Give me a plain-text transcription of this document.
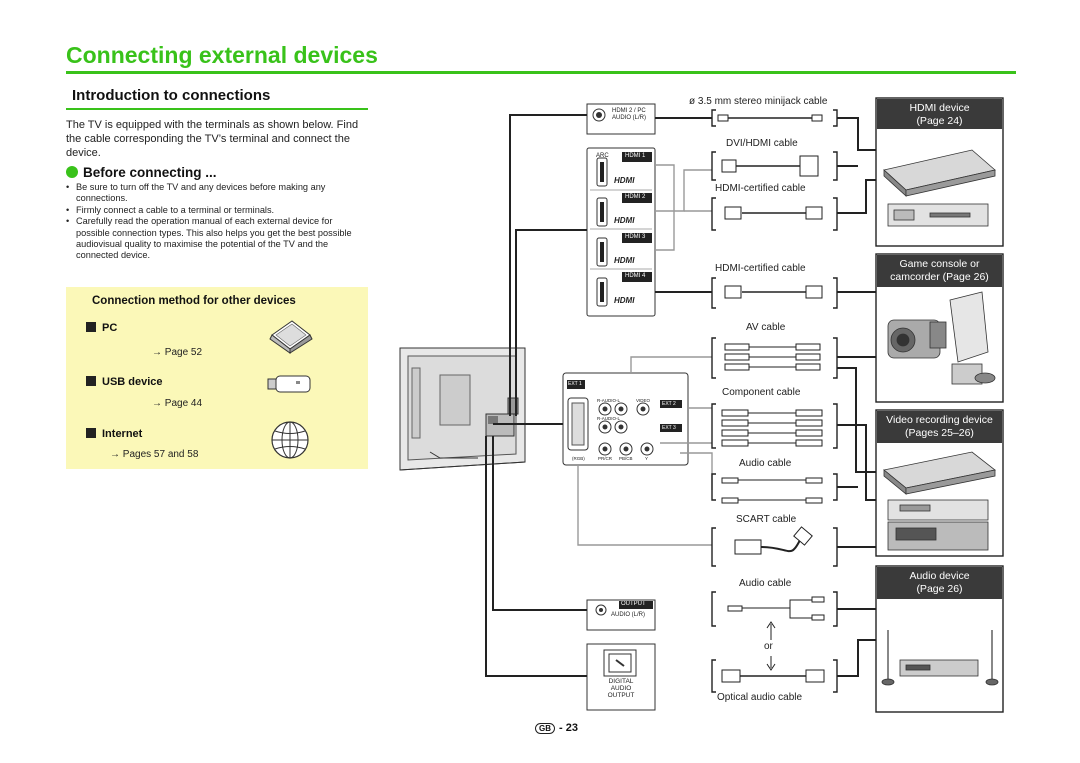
Connecting external devices
Introduction to connections
The TV is equipped with the terminals as shown below. Find the cable corresponding the TV’s terminal and connect the device.
Before connecting ...
• Be sure to turn off the TV and any devices before making any connections.
• Firmly connect a cable to a terminal or terminals.
• Carefully read the operation manual of each external device for possible connection types. This also helps you get the best possible audiovisual quality to maximise the potential of the TV and the connected device.
Connection method for other devices
PC
→ Page 52
USB device
→ Page 44
Internet
→ Pages 57 and 58
HDMI 2 / PC
AUDIO (L/R)
ARC	HDMI 1
HDMI 2
HDMI 3
HDMI 4
HDMI
HDMI
HDMI
HDMI
EXT 1
EXT 2
EXT 3
R-AUDIO-L	VIDEO
R-AUDIO-L
(RGB)	PR/CR PB/CB	Y
OUTPUT
AUDIO (L/R)
DIGITAL
AUDIO
OUTPUT
ø 3.5 mm stereo minijack cable
DVI/HDMI cable
HDMI-certified cable
HDMI-certified cable
AV cable
Component cable
Audio cable
SCART cable
Audio cable
or
Optical audio cable
HDMI device
(Page 24)
Game console or
camcorder (Page 26)
Video recording device
(Pages 25–26)
Audio device
(Page 26)
GB - 23
